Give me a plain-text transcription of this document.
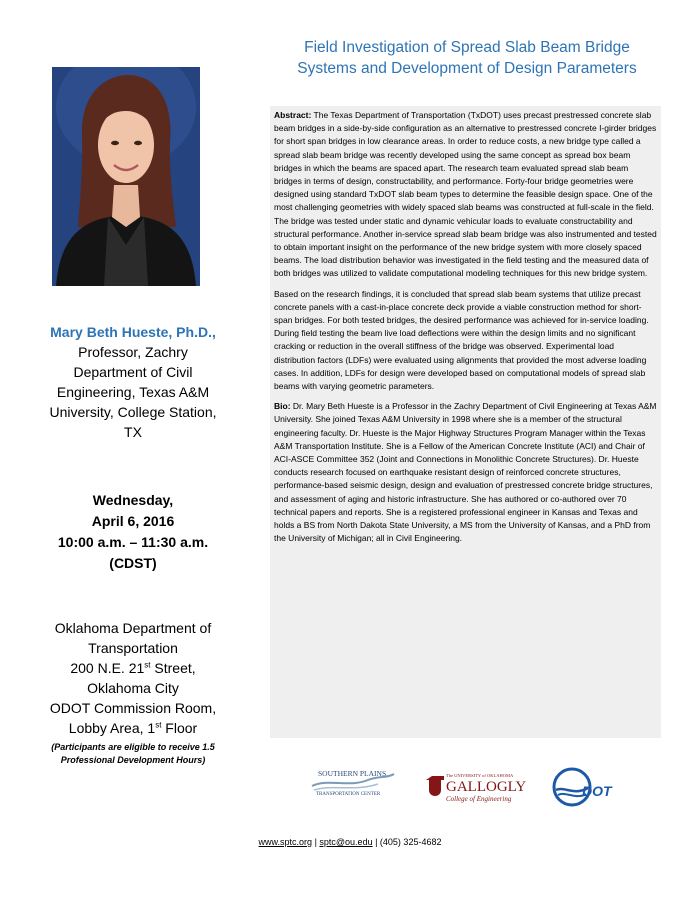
Field Investigation of Spread Slab Beam Bridge
Systems and Development of Design Parameters
Mary Beth Hueste, Ph.D.,
Professor, Zachry
Department of Civil
Engineering, Texas A&M
University, College Station,
TX
Wednesday,
April 6, 2016
10:00 a.m. – 11:30 a.m.
(CDST)
Oklahoma Department of
Transportation
200 N.E. 21st Street,
Oklahoma City
ODOT Commission Room,
Lobby Area, 1st Floor
(Participants are eligible to receive 1.5
Professional Development Hours)

Abstract: The Texas Department of Transportation (TxDOT) uses precast prestressed concrete slab beam bridges in a side-by-side configuration as an alternative to prestressed concrete I-girder bridges for short span bridges in low clearance areas. In order to reduce costs, a new bridge type called a spread slab beam bridge was recently developed using the same concept as spread box beam bridges in which the beams are spaced apart. The research team evaluated spread slab beam bridges in terms of design, constructability, and performance. Forty-four bridge geometries were designed using standard TxDOT slab beam types to determine the feasible design space. One of the most challenging geometries with widely spaced slab beams was constructed at full-scale in the field. The bridge was tested under static and dynamic vehicular loads to evaluate constructability and structural performance. Another in-service spread slab beam bridge was also instrumented and tested to obtain important insight on the performance of the new bridge system with more closely spaced beams. The load distribution behavior was investigated in the field testing and the measured data of both bridges was utilized to validate computational modeling techniques for this new bridge system.

Based on the research findings, it is concluded that spread slab beam systems that utilize precast concrete panels with a cast-in-place concrete deck provide a viable construction method for short-span bridges. For both tested bridges, the desired performance was achieved for in-service loading. During field testing the beam live load deflections were within the design limits and no significant cracking or reduction in the overall stiffness of the bridge was observed. Experimental load distribution factors (LDFs) were evaluated using alignments that provided the most adverse loading cases. In addition, LDFs for design were developed based on computational models of spread slab beams with varying geometric parameters.

Bio: Dr. Mary Beth Hueste is a Professor in the Zachry Department of Civil Engineering at Texas A&M University. She joined Texas A&M University in 1998 where she is a member of the structural engineering faculty. Dr. Hueste is the Major Highway Structures Program Manager within the Texas A&M Transportation Institute. She is a Fellow of the American Concrete Institute (ACI) and Chair of ACI-ASCE Committee 352 (Joint and Connections in Monolithic Concrete Structures). Dr. Hueste conducts research focused on earthquake resistant design of reinforced concrete structures, performance-based seismic design, design and evaluation of prestressed concrete bridge structures, and assessment of aging and historic infrastructure. She has authored or co-authored over 70 technical papers and reports. She is a registered professional engineer in Kansas and Texas and holds a BS from North Dakota State University, a MS from the University of Kansas, and a PhD from the University of Michigan; all in Civil Engineering.

SOUTHERN PLAINS
TRANSPORTATION CENTER
The UNIVERSITY of OKLAHOMA
GALLOGLY
College of Engineering	DOT
www.sptc.org | sptc@ou.edu | (405) 325-4682
